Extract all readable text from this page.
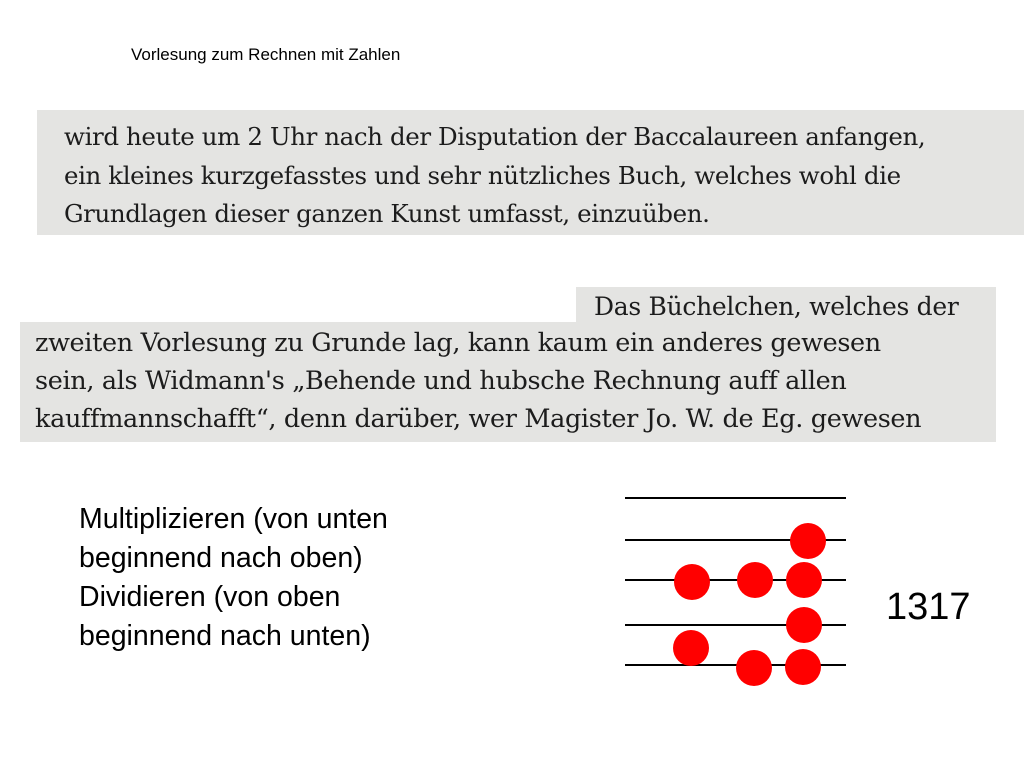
Vorlesung zum Rechnen mit Zahlen
wird heute um 2 Uhr nach der Disputation der Baccalaureen anfangen,
ein kleines kurzgefasstes und sehr nützliches Buch, welches wohl die
Grundlagen dieser ganzen Kunst umfasst, einzuüben.
Das Büchelchen, welches der
zweiten Vorlesung zu Grunde lag, kann kaum ein anderes gewesen
sein, als Widmann's „Behende und hubsche Rechnung auff allen
kauffmannschafft“, denn darüber, wer Magister Jo. W. de Eg. gewesen
Multiplizieren (von unten
beginnend nach oben)
Dividieren (von oben
beginnend nach unten)
1317
